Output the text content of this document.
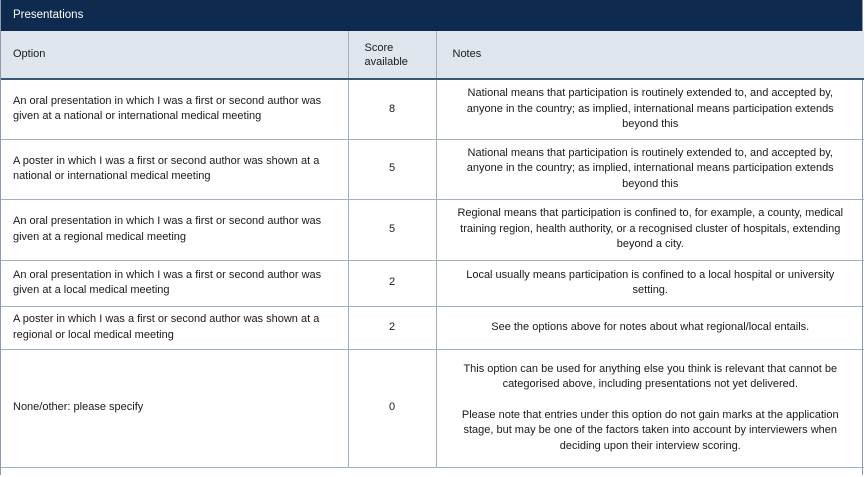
Presentations
Option	Score available	Notes
An oral presentation in which I was a first or second author was given at a national or international medical meeting	8	National means that participation is routinely extended to, and accepted by, anyone in the country; as implied, international means participation extends beyond this

A poster in which I was a first or second author was shown at a national or international medical meeting	5	National means that participation is routinely extended to, and accepted by, anyone in the country; as implied, international means participation extends beyond this

An oral presentation in which I was a first or second author was given at a regional medical meeting	5	Regional means that participation is confined to, for example, a county, medical training region, health authority, or a recognised cluster of hospitals, extending beyond a city.

An oral presentation in which I was a first or second author was given at a local medical meeting	2	Local usually means participation is confined to a local hospital or university setting.

A poster in which I was a first or second author was shown at a regional or local medical meeting	2	See the options above for notes about what regional/local entails.

None/other: please specify	0	This option can be used for anything else you think is relevant that cannot be categorised above, including presentations not yet delivered.

Please note that entries under this option do not gain marks at the application stage, but may be one of the factors taken into account by interviewers when deciding upon their interview scoring.
